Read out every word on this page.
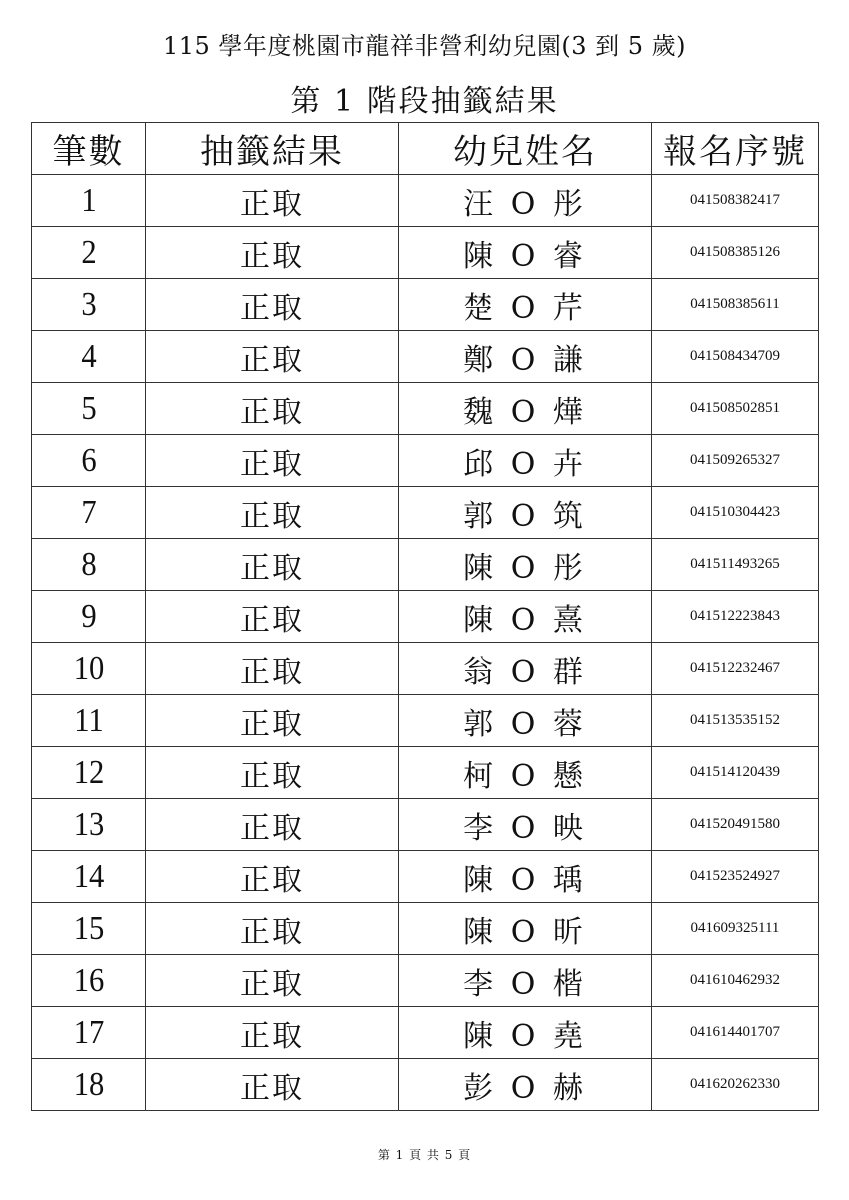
115 學年度桃園市龍祥非營利幼兒園(3 到 5 歲)
第 1 階段抽籤結果
筆數	抽籤結果	幼兒姓名	報名序號
1	正取	汪 O 彤	041508382417
2	正取	陳 O 睿	041508385126
3	正取	楚 O 芹	041508385611
4	正取	鄭 O 謙	041508434709
5	正取	魏 O 燁	041508502851
6	正取	邱 O 卉	041509265327
7	正取	郭 O 筑	041510304423
8	正取	陳 O 彤	041511493265
9	正取	陳 O 熹	041512223843
10	正取	翁 O 群	041512232467
11	正取	郭 O 蓉	041513535152
12	正取	柯 O 懸	041514120439
13	正取	李 O 映	041520491580
14	正取	陳 O 瑀	041523524927
15	正取	陳 O 昕	041609325111
16	正取	李 O 楷	041610462932
17	正取	陳 O 堯	041614401707
18	正取	彭 O 赫	041620262330
第 1 頁 共 5 頁
